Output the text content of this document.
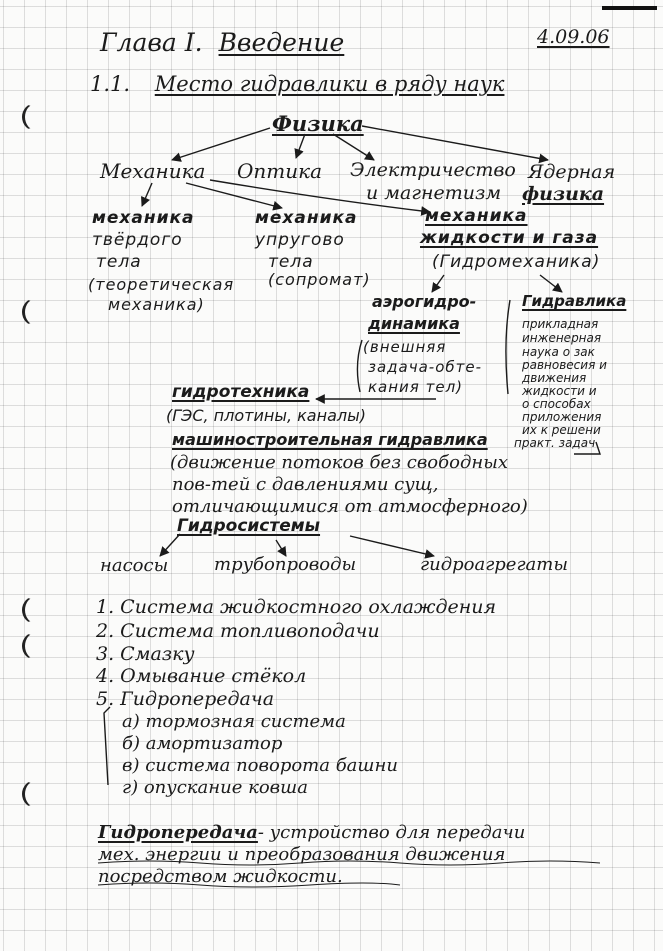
Глава I. Введение	4.09.06
1.1. Место гидравлики в ряду наук
Физика
Механика Оптика Электричество
и магнетизм
Ядерная
физика
механика
твёрдого
тела
(теоретическая
механика)
механика
упругово
тела
(сопромат)
механика
жидкости и газа
(Гидромеханика)
аэрогидро-
динамика
(внешняя
задача-обте-
кания тел)
Гидравлика
прикладная
инженерная
наука о зак
равновесия и
движения
жидкости и
о способах
приложения
их к решени
практ. задач
гидротехника
(ГЭС, плотины, каналы)
машиностроительная гидравлика
(движение потоков без свободных
пов-тей с давлениями сущ,
отличающимися от атмосферного)
Гидросистемы
насосы	трубопроводы	гидроагрегаты
1. Система жидкостного охлаждения
2. Система топливоподачи
3. Смазку
4. Омывание стёкол
5. Гидропередача
а) тормозная система
б) амортизатор
в) система поворота башни
г) опускание ковша
Гидропередача- устройство для передачи
мех. энергии и преобразования движения
посредством жидкости.
